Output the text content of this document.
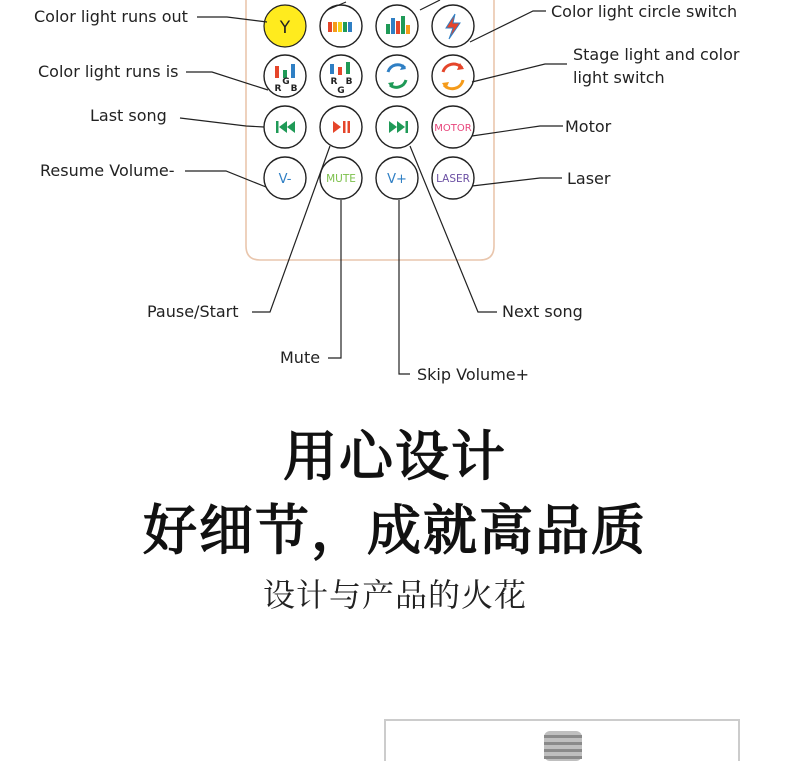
Y
R
G
B
R B
G
MOTOR
V-	MUTE V+	LASER
Color light runs out
Color light runs is
Last song
Resume Volume-
Color light circle switch
Stage light and color
light switch
Motor
Laser
Pause/Start
Mute
Next song
Skip Volume+
用心设计
好细节，成就高品质
设计与产品的火花
